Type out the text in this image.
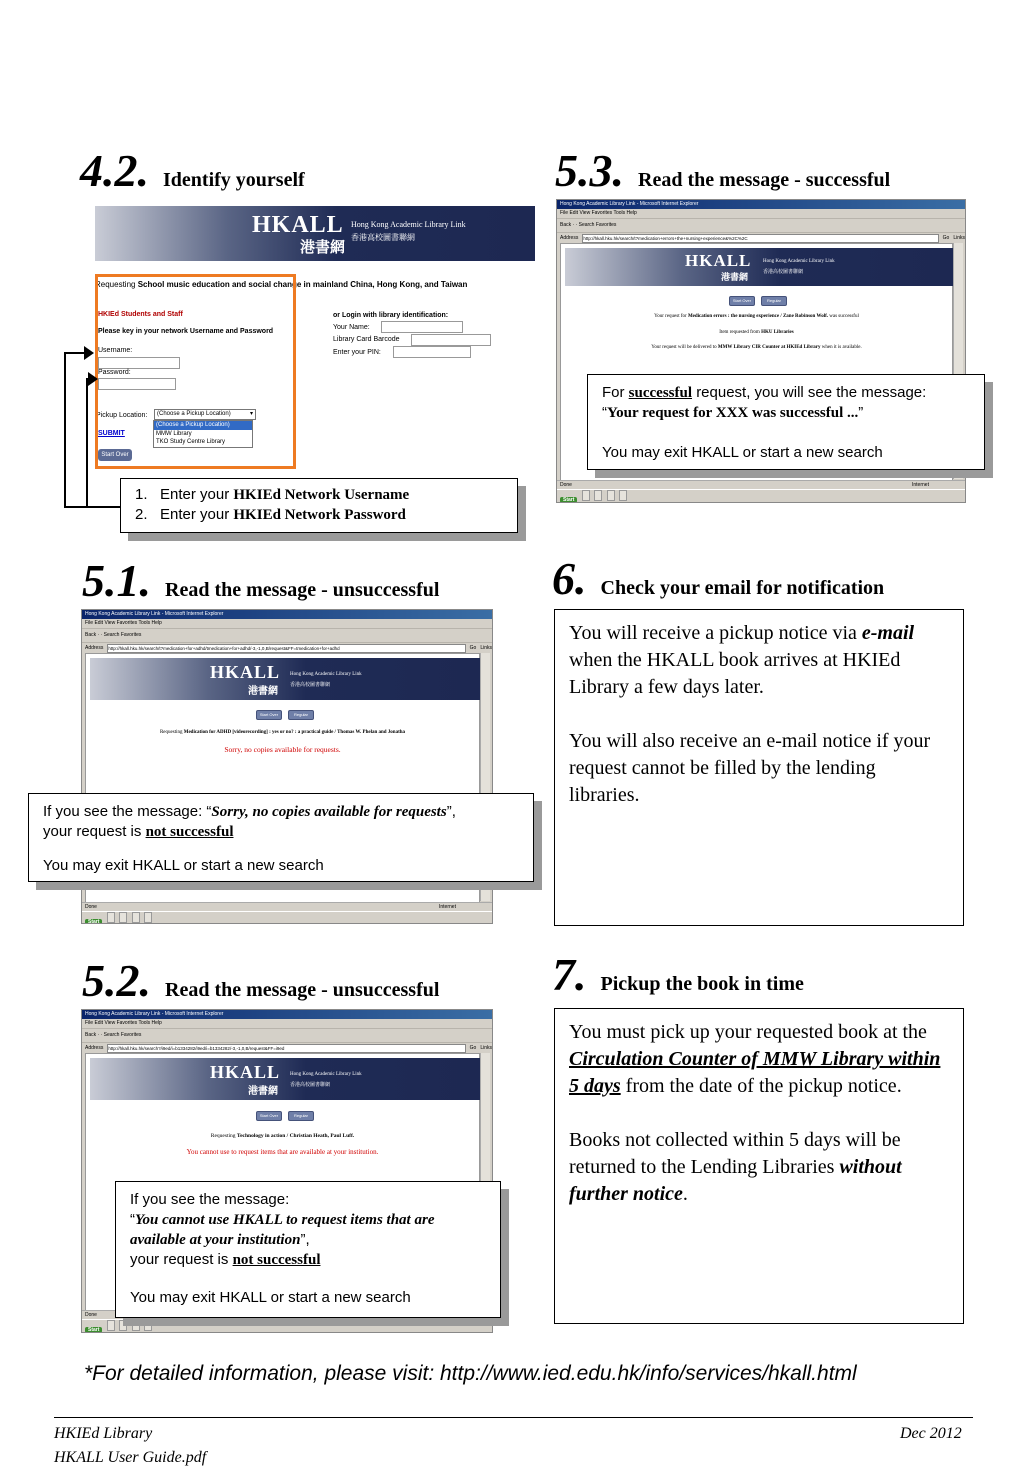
4.2. Identify yourself	5.3. Read the message - successful
5.1. Read the message - unsuccessful 6. Check your email for notification
5.2. Read the message - unsuccessful 7. Pickup the book in time
HKALL
港書網
Hong Kong Academic Library Link
香港高校圖書聯網
Requesting School music education and social change in mainland China, Hong Kong, and Taiwan
HKIEd Students and Staff
Please key in your network Username and Password
Username:
Password:
or Login with library identification:
Your Name:
Library Card Barcode
Enter your PIN:
Pickup Location:	(Choose a Pickup Location)	▾
(Choose a Pickup Location)
MMW Library
TKO Study Centre Library
SUBMIT
Start Over
1.   Enter your HKIEd Network Username
2.   Enter your HKIEd Network Password
Hong Kong Academic Library Link - Microsoft Internet Explorer
File Edit View Favorites Tools Help
Back · · Search Favorites
Address http://hkall.hku.hk/search/t?medication+errors+the+nursing+experience&%2C%2C	Go Links
HKALL
港書網
Hong Kong Academic Library Link
香港高校圖書聯網
Start Over	Regular Display
Your request for Medication errors : the nursing experience / Zane Robinson Wolf. was successful
Item requested from HKU Libraries
Your request will be delivered to MMW Library CIR Counter at HKIEd Library when it is available.
Done	Internet
Start
For successful request, you will see the message:
“Your request for XXX was successful ...”
You may exit HKALL or start a new search
Hong Kong Academic Library Link - Microsoft Internet Explorer
File Edit View Favorites Tools Help
Back · · Search Favorites
Address http://hkall.hku.hk/search/t?medication+for+adhd/tmedication+for+adhd/-3,-1,0,B/request&FF=tmedication+for+adhd	Go Links
HKALL
港書網
Hong Kong Academic Library Link
香港高校圖書聯網
Start Over	Regular Display
Requesting Medication for ADHD [videorecording] : yes or no? : a practical guide / Thomas W. Phelan and Jonatha
Sorry, no copies available for requests.
Done	Internet
Start
If you see the message: “Sorry, no copies available for requests”,
your request is not successful
You may exit HKALL or start a new search

You will receive a pickup notice via e-mail when the HKALL book arrives at HKIEd Library a few days later.

You will also receive an e-mail notice if your request cannot be filled by the lending libraries.

Hong Kong Academic Library Link - Microsoft Internet Explorer
File Edit View Favorites Tools Help
Back · · Search Favorites
Address http://hkall.hku.hk/search?/i9ed/i=b1334282/i9ed/i=b1334282/-3,-1,0,B/request&FF=i9ed	Go Links
HKALL
港書網
Hong Kong Academic Library Link
香港高校圖書聯網
Start Over	Regular Display
Requesting Technology in action / Christian Heath, Paul Luff.
You cannot use to request items that are available at your institution.
Done
Start
If you see the message:
“You cannot use HKALL to request items that are available at your institution”,
your request is not successful
You may exit HKALL or start a new search

You must pick up your requested book at the Circulation Counter of MMW Library within 5 days from the date of the pickup notice.

Books not collected within 5 days will be returned to the Lending Libraries without further notice.

*For detailed information, please visit: http://www.ied.edu.hk/info/services/hkall.html
HKIEd Library
HKALL User Guide.pdf
Dec 2012
